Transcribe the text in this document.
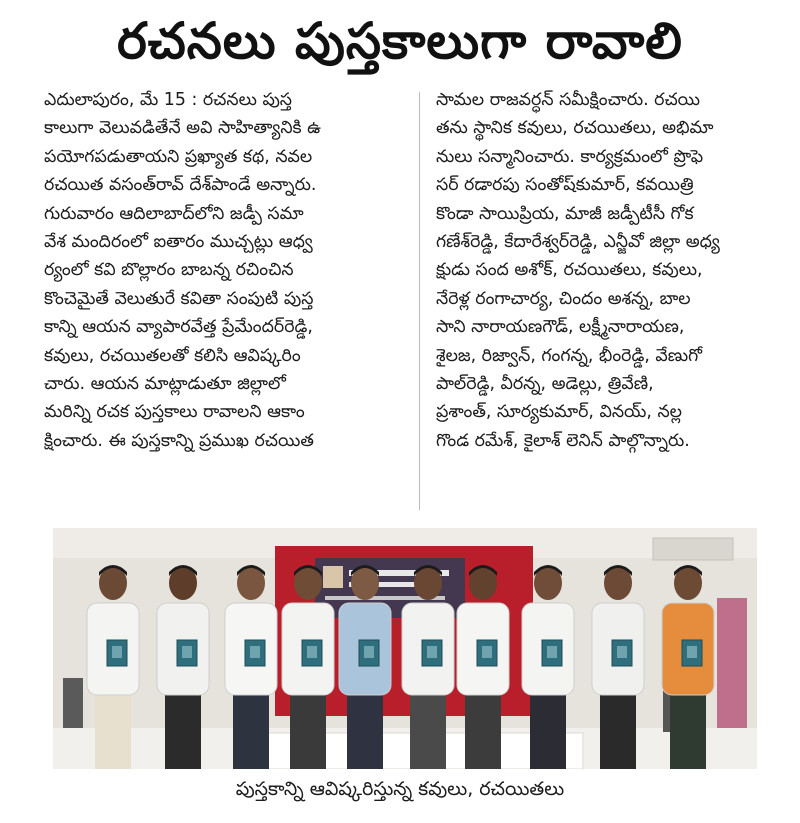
రచనలు పుస్తకాలుగా రావాలి
ఎదులాపురం, మే 15 : రచనలు పుస్త
కాలుగా వెలువడితేనే అవి సాహిత్యానికి ఉ
పయోగపడుతాయని ప్రఖ్యాత కథ, నవల
రచయిత వసంత్‌రావ్ దేశ్‌పాండే అన్నారు.
గురువారం ఆదిలాబాద్‌లోని జడ్పీ సమా
వేశ మందిరంలో ఐతారం ముచ్చట్లు ఆధ్వ
ర్యంలో కవి బొల్లారం బాబన్న రచించిన
కొంచెమైతే వెలుతురే కవితా సంపుటి పుస్త
కాన్ని ఆయన వ్యాపారవేత్త ప్రేమేందర్‌రెడ్డి,
కవులు, రచయితలతో కలిసి ఆవిష్కరిం
చారు. ఆయన మాట్లాడుతూ జిల్లాలో
మరిన్ని రచక పుస్తకాలు రావాలని ఆకాం
క్షించారు. ఈ పుస్తకాన్ని ప్రముఖ రచయిత
సామల రాజవర్ధన్ సమీక్షించారు. రచయి
తను స్థానిక కవులు, రచయితలు, అభిమా
నులు సన్మానించారు. కార్యక్రమంలో ప్రొఫె
సర్ రడారపు సంతోష్‌కుమార్, కవయిత్రి
కొండా సాయిప్రియ, మాజీ జడ్పీటీసీ గోక
గణేశ్‌రెడ్డి, కేదారేశ్వర్‌రెడ్డి, ఎన్జీవో జిల్లా అధ్య
క్షుడు సంద అశోక్, రచయితలు, కవులు,
నేరెళ్ల రంగాచార్య, చిందం అశన్న, బాల
సాని నారాయణగౌడ్, లక్ష్మీనారాయణ,
శైలజ, రిజ్వాన్, గంగన్న, భీంరెడ్డి, వేణుగో
పాల్‌రెడ్డి, వీరన్న, అడెల్లు, త్రివేణి,
ప్రశాంత్, సూర్యకుమార్, వినయ్, నల్ల
గొండ రమేశ్, కైలాశ్ లెనిన్ పాల్గొన్నారు.
పుస్తకాన్ని ఆవిష్కరిస్తున్న కవులు, రచయితలు
